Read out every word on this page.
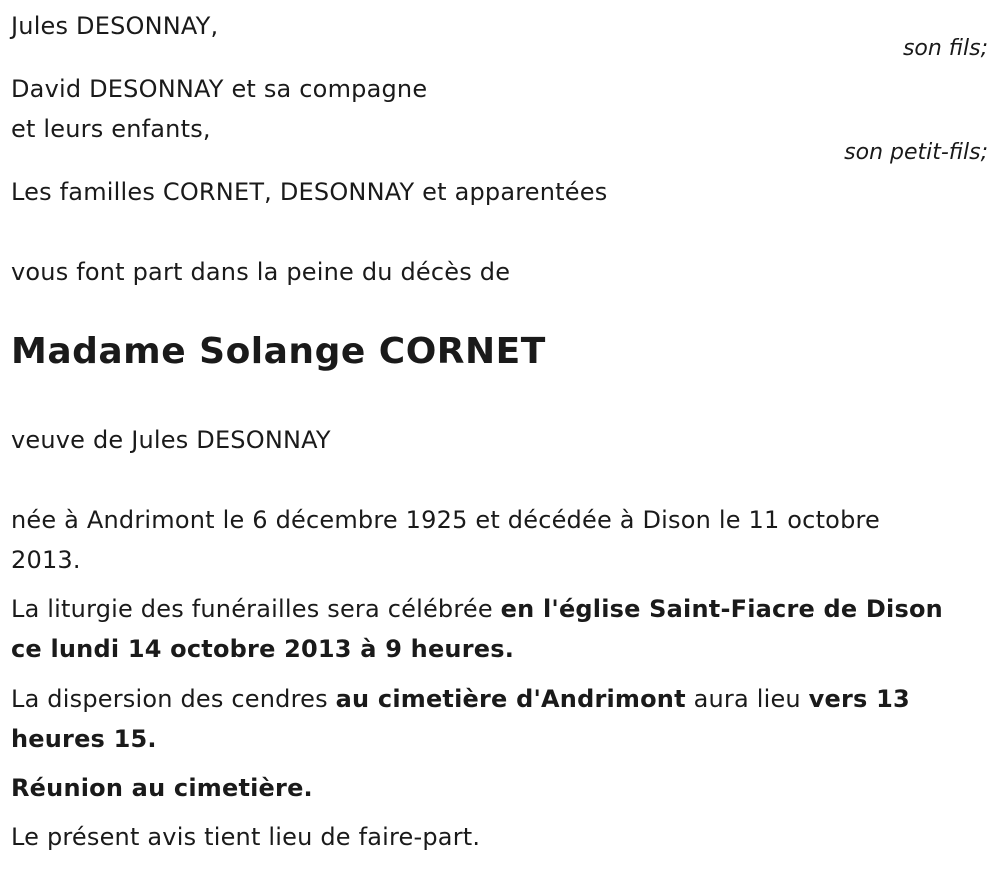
Jules DESONNAY,
son fils;
David DESONNAY et sa compagne
et leurs enfants,
son petit-fils;
Les familles CORNET, DESONNAY et apparentées
vous font part dans la peine du décès de
Madame Solange CORNET
veuve de Jules DESONNAY
née à Andrimont le 6 décembre 1925 et décédée à Dison le 11 octobre
2013.
La liturgie des funérailles sera célébrée en l'église Saint-Fiacre de Dison
ce lundi 14 octobre 2013 à 9 heures.
La dispersion des cendres au cimetière d'Andrimont aura lieu vers 13
heures 15.
Réunion au cimetière.
Le présent avis tient lieu de faire-part.
